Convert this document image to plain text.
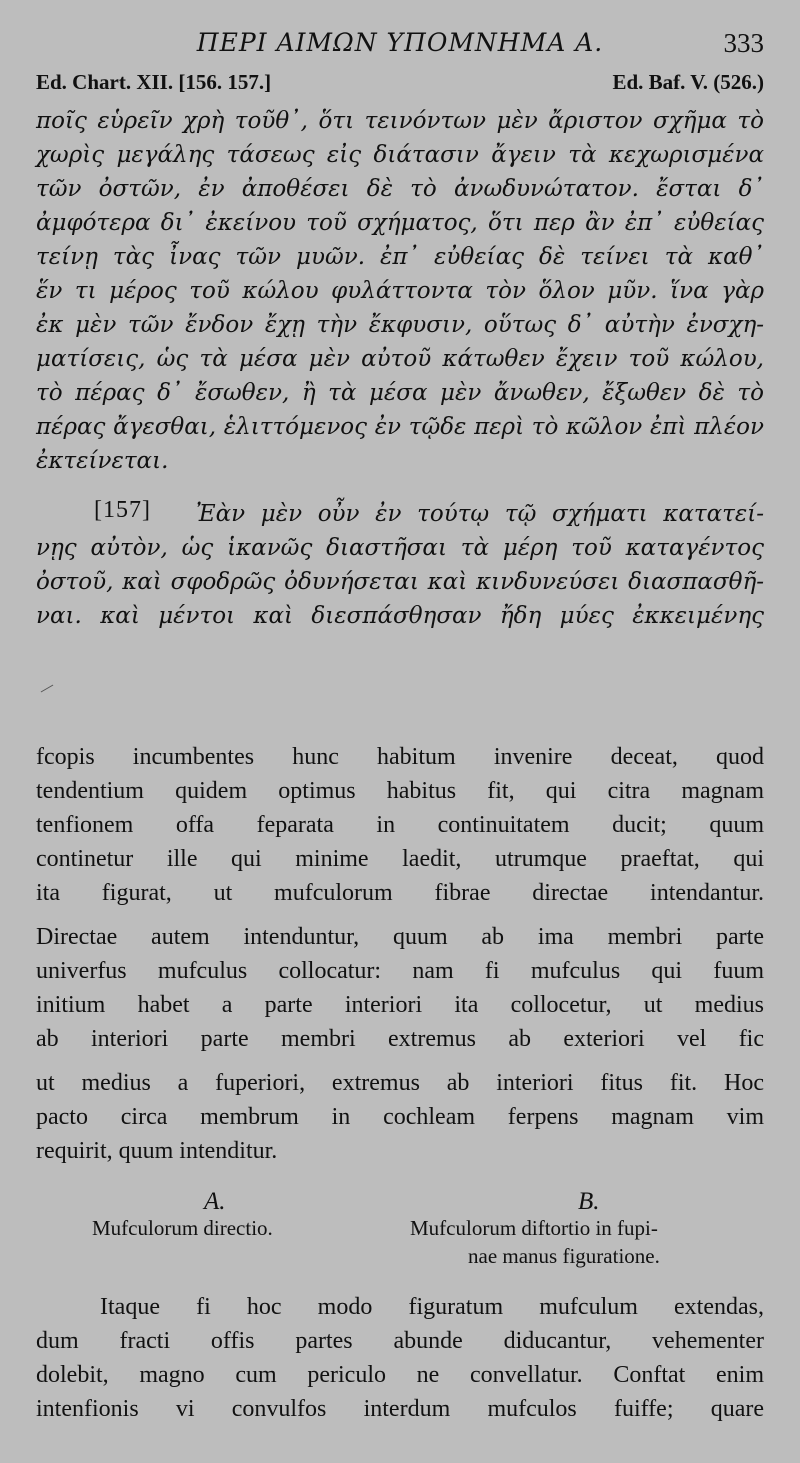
ΠΕΡΙ ΑΙΜΩΝ ΥΠΟΜΝΗΜΑ Α.	333
Ed. Chart. XII. [156. 157.]	Ed. Baf. V. (526.)
ποῖς εὑρεῖν χρὴ τοῦθ᾽, ὅτι τεινόντων μὲν ἄριστον σχῆμα τὸ
χωρὶς μεγάλης τάσεως εἰς διάτασιν ἄγειν τὰ κεχωρισμένα
τῶν ὀστῶν, ἐν ἀποθέσει δὲ τὸ ἀνωδυνώτατον. ἔσται δ᾽
ἀμφότερα δι᾽ ἐκείνου τοῦ σχήματος, ὅτι περ ἂν ἐπ᾽ εὐθείας
τείνῃ τὰς ἶνας τῶν μυῶν. ἐπ᾽ εὐθείας δὲ τείνει τὰ καθ᾽
ἕν τι μέρος τοῦ κώλου φυλάττοντα τὸν ὅλον μῦν. ἵνα γὰρ
ἐκ μὲν τῶν ἔνδον ἔχῃ τὴν ἔκφυσιν, οὕτως δ᾽ αὐτὴν ἐνσχη-
ματίσεις, ὡς τὰ μέσα μὲν αὐτοῦ κάτωθεν ἔχειν τοῦ κώλου,
τὸ πέρας δ᾽ ἔσωθεν, ἢ τὰ μέσα μὲν ἄνωθεν, ἔξωθεν δὲ τὸ
πέρας ἄγεσθαι, ἑλιττόμενος ἐν τῷδε περὶ τὸ κῶλον ἐπὶ πλέον
ἐκτείνεται.
[157] Ἐὰν μὲν οὖν ἐν τούτῳ τῷ σχήματι κατατεί-
νῃς αὐτὸν, ὡς ἱκανῶς διαστῆσαι τὰ μέρη τοῦ καταγέντος
ὀστοῦ, καὶ σφοδρῶς ὀδυνήσεται καὶ κινδυνεύσει διασπασθῆ-
ναι. καὶ μέντοι καὶ διεσπάσθησαν ἤδη μύες ἐκκειμένης
fcopis incumbentes hunc habitum invenire deceat, quod
tendentium quidem optimus habitus fit, qui citra magnam
tenfionem offa feparata in continuitatem ducit; quum
continetur ille qui minime laedit, utrumque praeftat, qui
ita figurat, ut mufculorum fibrae directae intendantur.
Directae autem intenduntur, quum ab ima membri parte
univerfus mufculus collocatur: nam fi mufculus qui fuum
initium habet a parte interiori ita collocetur, ut medius
ab interiori parte membri extremus ab exteriori vel fic
ut medius a fuperiori, extremus ab interiori fitus fit. Hoc
pacto circa membrum in cochleam ferpens magnam vim
requirit, quum intenditur.
A.
Mufculorum directio.
B.
Mufculorum diftortio in fupi-
nae manus figuratione.
Itaque fi hoc modo figuratum mufculum extendas,
dum fracti offis partes abunde diducantur, vehementer
dolebit, magno cum periculo ne convellatur. Conftat enim
intenfionis vi convulfos interdum mufculos fuiffe; quare
